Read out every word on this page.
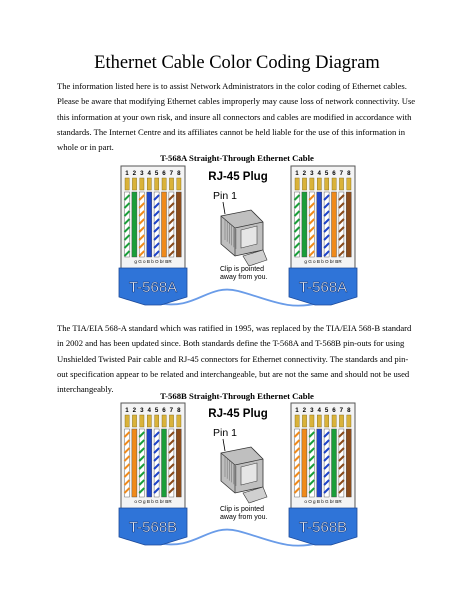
Ethernet Cable Color Coding Diagram
The information listed here is to assist Network Administrators in the color coding of Ethernet cables. Please be aware that modifying Ethernet cables improperly may cause loss of network connectivity. Use this information at your own risk, and insure all connectors and cables are modified in accordance with standards. The Internet Centre and its affiliates cannot be held liable for the use of this information in whole or in part.
T-568A Straight-Through Ethernet Cable
1 2 3 4 5 6 7 8
g G o B b O br BR
T-568A
1 2 3 4 5 6 7 8
g G o B b O br BR
T-568A
RJ-45 Plug
Pin 1
Clip is pointed
away from you.
The TIA/EIA 568-A standard which was ratified in 1995, was replaced by the TIA/EIA 568-B standard in 2002 and has been updated since. Both standards define the T-568A and T-568B pin-outs for using Unshielded Twisted Pair cable and RJ-45 connectors for Ethernet connectivity. The standards and pin-out specification appear to be related and interchangeable, but are not the same and should not be used interchangeably.
T-568B Straight-Through Ethernet Cable
1 2 3 4 5 6 7 8
o O g B b G br BR
T-568B
1 2 3 4 5 6 7 8
o O g B b G br BR
T-568B
RJ-45 Plug
Pin 1
Clip is pointed
away from you.
